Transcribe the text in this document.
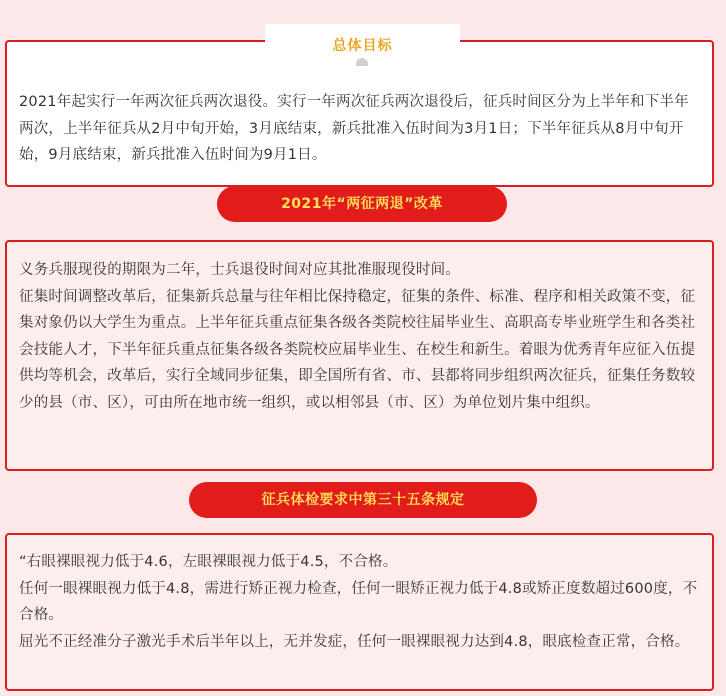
2021年起实行一年两次征兵两次退役。实行一年两次征兵两次退役后，征兵时间区分为上半年和下半年两次，上半年征兵从2月中旬开始，3月底结束，新兵批准入伍时间为3月1日；下半年征兵从8月中旬开始，9月底结束，新兵批准入伍时间为9月1日。

总体目标

义务兵服现役的期限为二年，士兵退役时间对应其批准服现役时间。

征集时间调整改革后，征集新兵总量与往年相比保持稳定，征集的条件、标准、程序和相关政策不变，征集对象仍以大学生为重点。上半年征兵重点征集各级各类院校往届毕业生、高职高专毕业班学生和各类社会技能人才，下半年征兵重点征集各级各类院校应届毕业生、在校生和新生。着眼为优秀青年应征入伍提供均等机会，改革后，实行全域同步征集，即全国所有省、市、县都将同步组织两次征兵，征集任务数较少的县（市、区），可由所在地市统一组织，或以相邻县（市、区）为单位划片集中组织。

2021年“两征两退”改革

“右眼裸眼视力低于4.6，左眼裸眼视力低于4.5，不合格。

任何一眼裸眼视力低于4.8，需进行矫正视力检查，任何一眼矫正视力低于4.8或矫正度数超过600度，不合格。

屈光不正经准分子激光手术后半年以上，无并发症，任何一眼裸眼视力达到4.8，眼底检查正常，合格。

征兵体检要求中第三十五条规定
